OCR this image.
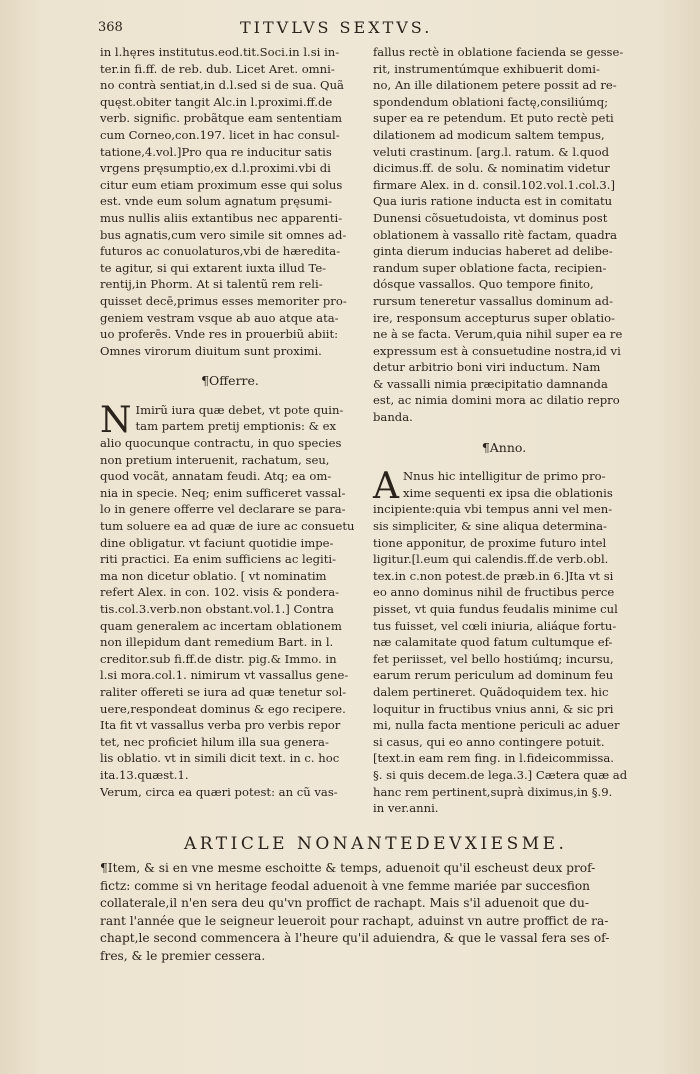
368	TITVLVS SEXTVS.
in l.hęres institutus.eod.tit.Soci.in l.si in-
ter.in fi.ff. de reb. dub. Licet Aret. omni-
no contrà sentiat,in d.l.sed si de sua. Quã
quęst.obiter tangit Alc.in l.proximi.ff.de
verb. signific. probãtque eam sententiam
cum Corneo,con.197. licet in hac consul-
tatione,4.vol.]Pro qua re inducitur satis
vrgens pręsumptio,ex d.l.proximi.vbi di
citur eum etiam proximum esse qui solus
est. vnde eum solum agnatum pręsumi-
mus nullis aliis extantibus nec apparenti-
bus agnatis,cum vero simile sit omnes ad-
futuros ac conuolaturos,vbi de hæredita-
te agitur, si qui extarent iuxta illud Te-
rentij,in Phorm. At si talentũ rem reli-
quisset decē,primus esses memoriter pro-
geniem vestram vsque ab auo atque ata-
uo proferēs. Vnde res in prouerbiũ abiit:
Omnes virorum diuitum sunt proximi.
¶Offerre.
N Imirũ iura quæ debet, vt pote quin-
tam partem pretij emptionis: & ex
alio quocunque contractu, in quo species
non pretium interuenit, rachatum, seu,
quod vocãt, annatam feudi. Atq; ea om-
nia in specie. Neq; enim sufficeret vassal-
lo in genere offerre vel declarare se para-
tum soluere ea ad quæ de iure ac consuetu
dine obligatur. vt faciunt quotidie impe-
riti practici. Ea enim sufficiens ac legiti-
ma non dicetur oblatio. [ vt nominatim
refert Alex. in con. 102. visis & pondera-
tis.col.3.verb.non obstant.vol.1.] Contra
quam generalem ac incertam oblationem
non illepidum dant remedium Bart. in l.
creditor.sub fi.ff.de distr. pig.& Immo. in
l.si mora.col.1. nimirum vt vassallus gene-
raliter offereti se iura ad quæ tenetur sol-
uere,respondeat dominus & ego recipere.
Ita fit vt vassallus verba pro verbis repor
tet, nec proficiet hilum illa sua genera-
lis oblatio. vt in simili dicit text. in c. hoc
ita.13.quæst.1.
Verum, circa ea quæri potest: an cũ vas-
fallus rectè in oblatione facienda se gesse-
rit, instrumentúmque exhibuerit domi-
no, An ille dilationem petere possit ad re-
spondendum oblationi factę,consiliúmq;
super ea re petendum. Et puto rectè peti
dilationem ad modicum saltem tempus,
veluti crastinum. [arg.l. ratum. & l.quod
dicimus.ff. de solu. & nominatim videtur
firmare Alex. in d. consil.102.vol.1.col.3.]
Qua iuris ratione inducta est in comitatu
Dunensi cõsuetudoista, vt dominus post
oblationem à vassallo ritè factam, quadra
ginta dierum inducias haberet ad delibe-
randum super oblatione facta, recipien-
dósque vassallos. Quo tempore finito,
rursum teneretur vassallus dominum ad-
ire, responsum accepturus super oblatio-
ne à se facta. Verum,quia nihil super ea re
expressum est à consuetudine nostra,id vi
detur arbitrio boni viri inductum. Nam
& vassalli nimia præcipitatio damnanda
est, ac nimia domini mora ac dilatio repro
banda.
¶Anno.
A Nnus hic intelligitur de primo pro-
xime sequenti ex ipsa die oblationis
incipiente:quia vbi tempus anni vel men-
sis simpliciter, & sine aliqua determina-
tione apponitur, de proxime futuro intel
ligitur.[l.eum qui calendis.ff.de verb.obl.
tex.in c.non potest.de præb.in 6.]Ita vt si
eo anno dominus nihil de fructibus perce
pisset, vt quia fundus feudalis minime cul
tus fuisset, vel cœli iniuria, aliáque fortu-
næ calamitate quod fatum cultumque ef-
fet periisset, vel bello hostiúmq; incursu,
earum rerum periculum ad dominum feu
dalem pertineret. Quãdoquidem tex. hic
loquitur in fructibus vnius anni, & sic pri
mi, nulla facta mentione periculi ac aduer
si casus, qui eo anno contingere potuit.
[text.in eam rem fing. in l.fideicommissa.
§. si quis decem.de lega.3.] Cætera quæ ad
hanc rem pertinent,suprà diximus,in §.9.
in ver.anni.
ARTICLE NONANTEDEVXIESME.
¶Item, & si en vne mesme eschoitte & temps, aduenoit qu'il escheust deux prof-
fictz: comme si vn heritage feodal aduenoit à vne femme mariée par succesfion
collaterale,il n'en sera deu qu'vn proffict de rachapt. Mais s'il aduenoit que du-
rant l'année que le seigneur leueroit pour rachapt, aduinst vn autre proffict de ra-
chapt,le second commencera à l'heure qu'il aduiendra, & que le vassal fera ses of-
fres, & le premier cessera.
